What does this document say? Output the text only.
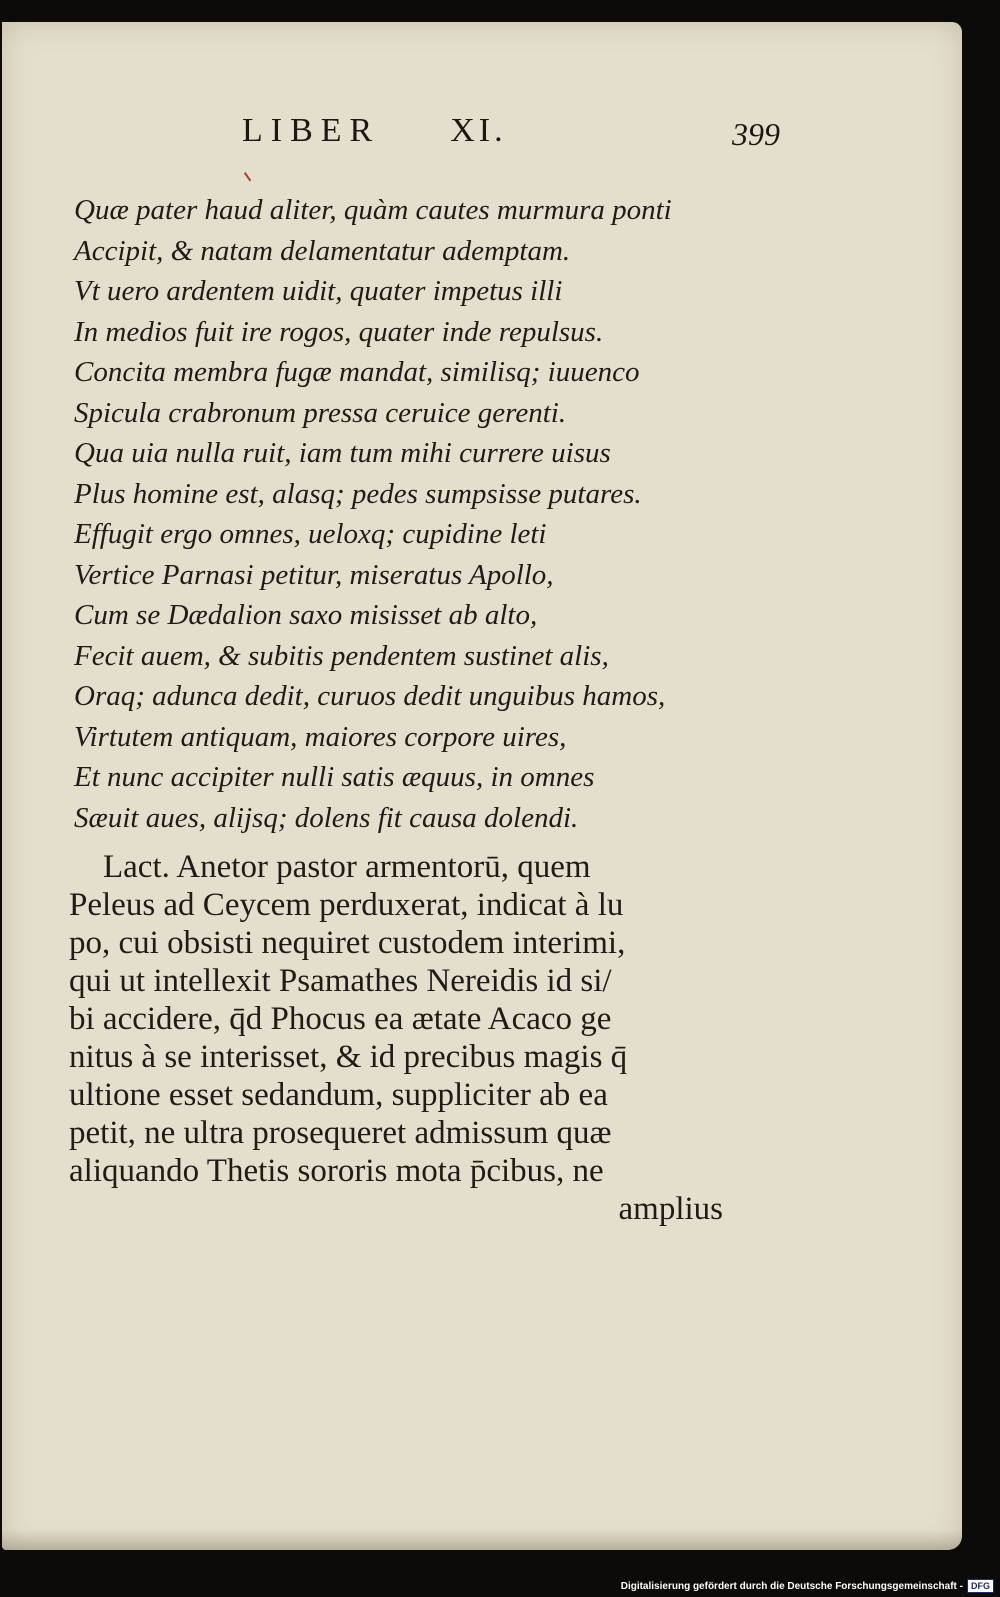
LIBER XI.	399
Quæ pater haud aliter, quàm cautes murmura ponti
Accipit, & natam delamentatur ademptam.
Vt uero ardentem uidit, quater impetus illi
In medios fuit ire rogos, quater inde repulsus.
Concita membra fugæ mandat, similisq; iuuenco
Spicula crabronum pressa ceruice gerenti.
Qua uia nulla ruit, iam tum mihi currere uisus
Plus homine est, alasq; pedes sumpsisse putares.
Effugit ergo omnes, ueloxq; cupidine leti
Vertice Parnasi petitur, miseratus Apollo,
Cum se Dædalion saxo misisset ab alto,
Fecit auem, & subitis pendentem sustinet alis,
Oraq; adunca dedit, curuos dedit unguibus hamos,
Virtutem antiquam, maiores corpore uires,
Et nunc accipiter nulli satis æquus, in omnes
Sæuit aues, alijsq; dolens fit causa dolendi.
Lact. Anetor pastor armentorū, quem
Peleus ad Ceycem perduxerat, indicat à lu
po, cui obsisti nequiret custodem interimi,
qui ut intellexit Psamathes Nereidis id si/
bi accidere, q̄d Phocus ea ætate Acaco ge
nitus à se interisset, & id precibus magis q̄
ultione esset sedandum, suppliciter ab ea
petit, ne ultra prosequeret admissum quæ
aliquando Thetis sororis mota p̄cibus, ne
amplius
Digitalisierung gefördert durch die Deutsche Forschungsgemeinschaft - DFG
